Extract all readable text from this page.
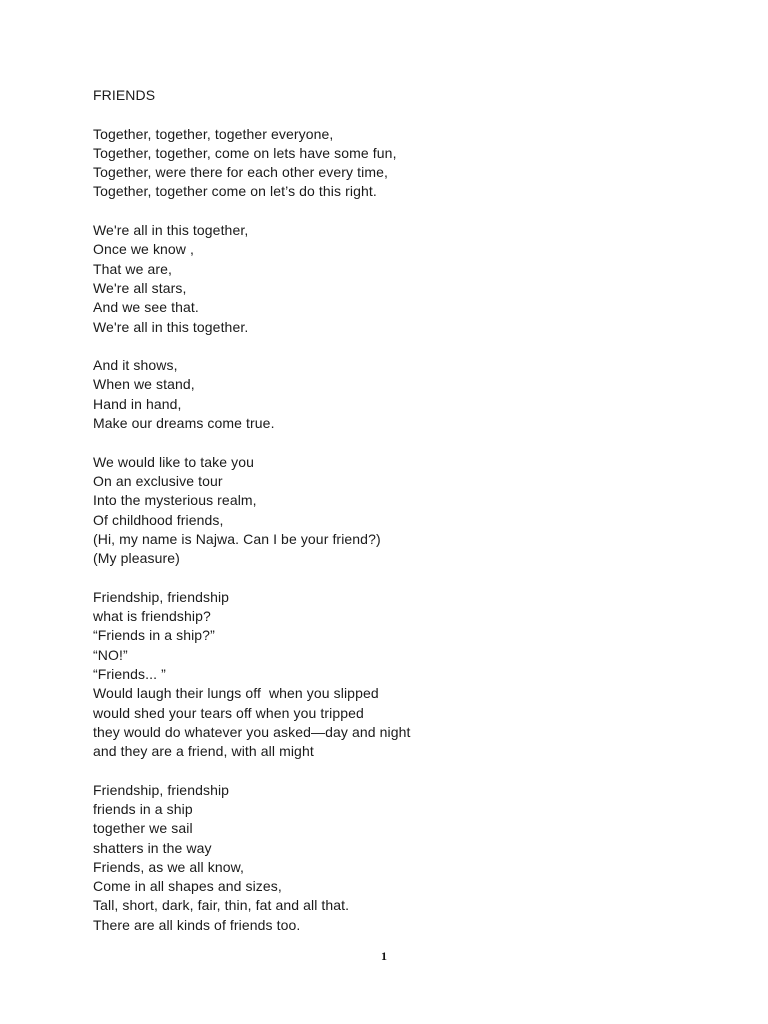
FRIENDS
Together, together, together everyone,
Together, together, come on lets have some fun,
Together, were there for each other every time,
Together, together come on let’s do this right.
We're all in this together,
Once we know ,
That we are,
We're all stars,
And we see that.
We're all in this together.
And it shows,
When we stand,
Hand in hand,
Make our dreams come true.
We would like to take you
On an exclusive tour
Into the mysterious realm,
Of childhood friends,
(Hi, my name is Najwa. Can I be your friend?)
(My pleasure)
Friendship, friendship
what is friendship?
“Friends in a ship?”
“NO!”
“Friends... ”
Would laugh their lungs off  when you slipped
would shed your tears off when you tripped
they would do whatever you asked—day and night
and they are a friend, with all might
Friendship, friendship
friends in a ship
together we sail
shatters in the way
Friends, as we all know,
Come in all shapes and sizes,
Tall, short, dark, fair, thin, fat and all that.
There are all kinds of friends too.
1
